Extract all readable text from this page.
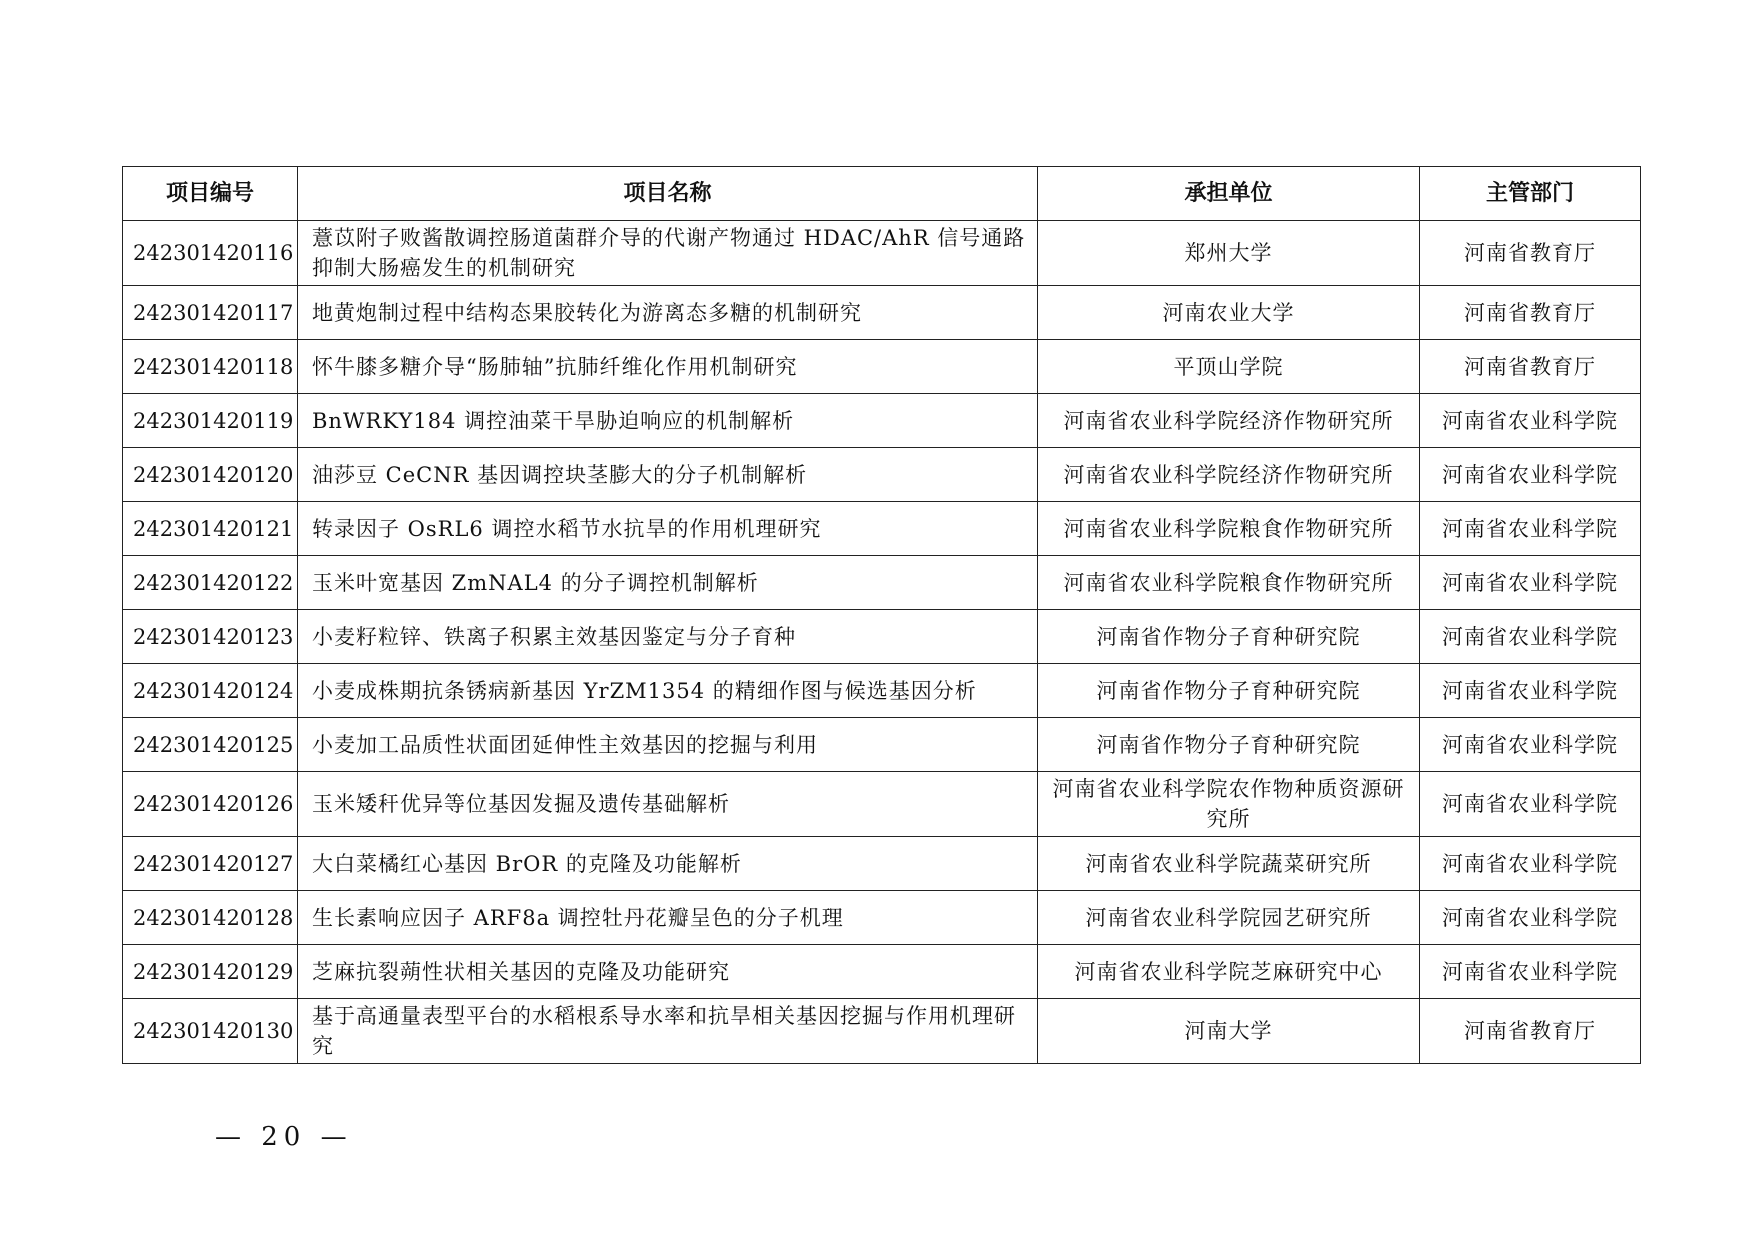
项目编号	项目名称	承担单位	主管部门
242301420116	薏苡附子败酱散调控肠道菌群介导的代谢产物通过 HDAC/AhR 信号通路抑制大肠癌发生的机制研究	郑州大学	河南省教育厅
242301420117	地黄炮制过程中结构态果胶转化为游离态多糖的机制研究	河南农业大学	河南省教育厅
242301420118	怀牛膝多糖介导“肠肺轴”抗肺纤维化作用机制研究	平顶山学院	河南省教育厅
242301420119	BnWRKY184 调控油菜干旱胁迫响应的机制解析	河南省农业科学院经济作物研究所	河南省农业科学院
242301420120	油莎豆 CeCNR 基因调控块茎膨大的分子机制解析	河南省农业科学院经济作物研究所	河南省农业科学院
242301420121	转录因子 OsRL6 调控水稻节水抗旱的作用机理研究	河南省农业科学院粮食作物研究所	河南省农业科学院
242301420122	玉米叶宽基因 ZmNAL4 的分子调控机制解析	河南省农业科学院粮食作物研究所	河南省农业科学院
242301420123	小麦籽粒锌、铁离子积累主效基因鉴定与分子育种	河南省作物分子育种研究院	河南省农业科学院
242301420124	小麦成株期抗条锈病新基因 YrZM1354 的精细作图与候选基因分析	河南省作物分子育种研究院	河南省农业科学院
242301420125	小麦加工品质性状面团延伸性主效基因的挖掘与利用	河南省作物分子育种研究院	河南省农业科学院
242301420126	玉米矮秆优异等位基因发掘及遗传基础解析	河南省农业科学院农作物种质资源研究所	河南省农业科学院
242301420127	大白菜橘红心基因 BrOR 的克隆及功能解析	河南省农业科学院蔬菜研究所	河南省农业科学院
242301420128	生长素响应因子 ARF8a 调控牡丹花瓣呈色的分子机理	河南省农业科学院园艺研究所	河南省农业科学院
242301420129	芝麻抗裂蒴性状相关基因的克隆及功能研究	河南省农业科学院芝麻研究中心	河南省农业科学院
242301420130	基于高通量表型平台的水稻根系导水率和抗旱相关基因挖掘与作用机理研究	河南大学	河南省教育厅
— 20 —
